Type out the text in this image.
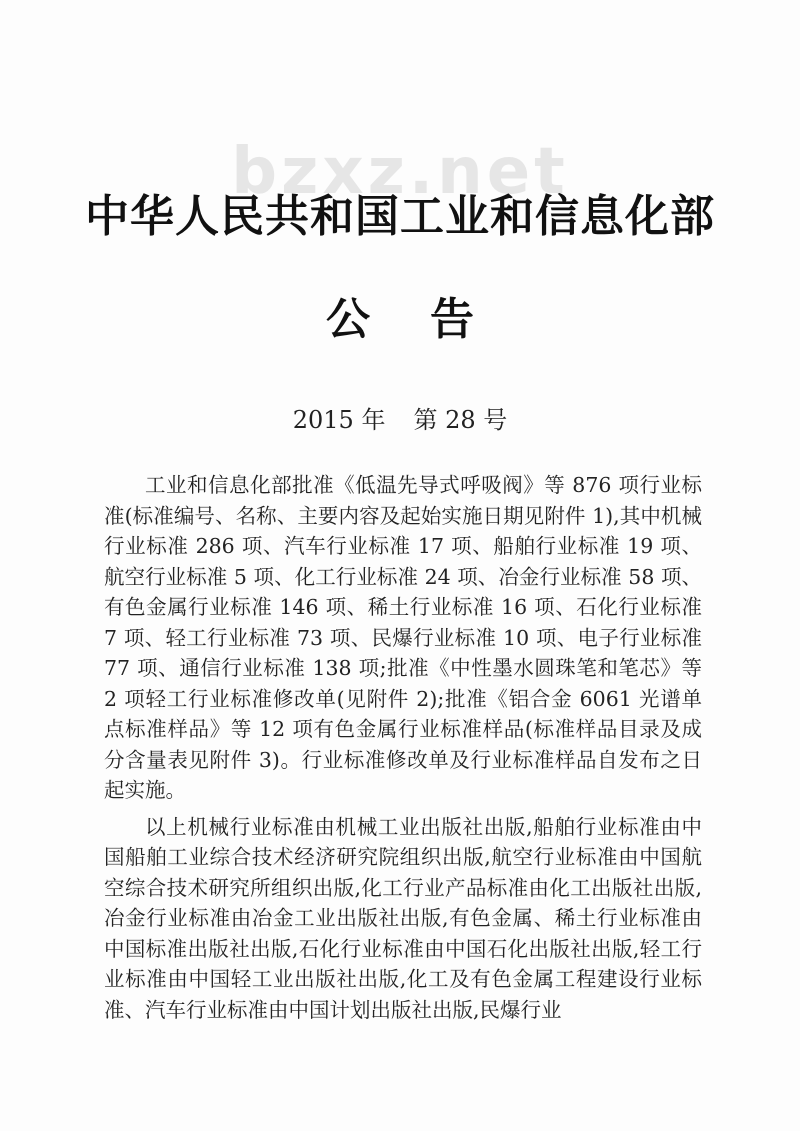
bzxz.net
中华人民共和国工业和信息化部
公告
2015 年 第 28 号

工业和信息化部批准《低温先导式呼吸阀》等 876 项行业标准(标准编号、名称、主要内容及起始实施日期见附件 1),其中机械行业标准 286 项、汽车行业标准 17 项、船舶行业标准 19 项、航空行业标准 5 项、化工行业标准 24 项、冶金行业标准 58 项、有色金属行业标准 146 项、稀土行业标准 16 项、石化行业标准 7 项、轻工行业标准 73 项、民爆行业标准 10 项、电子行业标准 77 项、通信行业标准 138 项;批准《中性墨水圆珠笔和笔芯》等 2 项轻工行业标准修改单(见附件 2);批准《铝合金 6061 光谱单点标准样品》等 12 项有色金属行业标准样品(标准样品目录及成分含量表见附件 3)。行业标准修改单及行业标准样品自发布之日起实施。

以上机械行业标准由机械工业出版社出版,船舶行业标准由中国船舶工业综合技术经济研究院组织出版,航空行业标准由中国航空综合技术研究所组织出版,化工行业产品标准由化工出版社出版,冶金行业标准由冶金工业出版社出版,有色金属、稀土行业标准由中国标准出版社出版,石化行业标准由中国石化出版社出版,轻工行业标准由中国轻工业出版社出版,化工及有色金属工程建设行业标准、汽车行业标准由中国计划出版社出版,民爆行业
